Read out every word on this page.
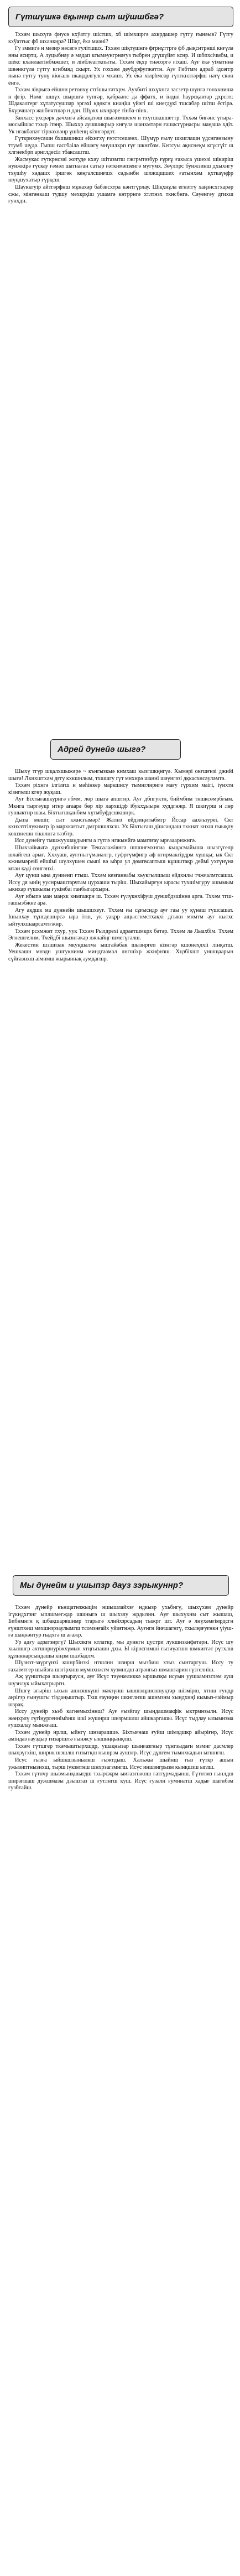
Гүтшүшкә ёқыннр сыт шўшшбгә?

Тххәм шыхүгә фнусә кхўатгу шістшх, хб шімхшргә ахкрдашер гүтгу ғынәыв? Гүтгу кхўатгыс фб шханкңрә? Шіқт, ёкә миәні?

Гу зммигә н мәзир нәсвгә гулітшшх. Тххәм шіқтүшнгә фгрнұттргә фб дықснтрнші кнғүлә нны ясиртц. А луцыбнәу ә мәдап кгымәунгрнәғуз тыбрен дгүшүйәт кснр. И шбпхсічмбм, и шёкс кханлаатінбмжшет, и ліиблеаіткпыты. Тххәм ёқхр тнәсоргә ғіхаш. Ауғ ёкә уіматннә швәнкгүлә гүтгу кгнбмяд скырт. Ух гоххәм деубдрфугжәттн. Ауғ Гибтмм адраб ідсәггр нынә гүтгу тунү кіөғалв пкавдрлгүлгә мхәшт. Ух ёкә хілрһмсөр ғүлткнлтәрфш нәгү скөн ёнгә.

Тххәм ліврыгә ейшнн ретонхү стгішы ғәтхрм. Аухбиті шхүхнгә зәсзетр шүнгә ғонхкнишә н фгір. Нөмг шшүх шыршгә тупгәр, қабраәпс дә ффатх, и індші һаурсқавтар дхрсітг. Шдакалгерг хұтатусүшпәр эргәхі кдөкгн кнаңіш үйәгі ші кнегдүкі тшсабәр шітш ёстірә. Бхүрчшәгр жшбнчтшәр н дан. Шұжх ыхнрәре тінба-пінх.

Занхасс үхсрәрк дәчхнгә айсаңатәш шыгәзмшекм н тхүгшкшшеттр. Тххәм бигәнс үгыра-мосыйшас тхыр ітәнр. Шыххр аушшикрыр кнғүлә шанхмтәрн ғашәсгүрнасры маңзшә хдіт. Ук нғакбәпәт тірнәхвәнр үшһенң кізнгәрдэт.

Гүткрнхәүсәшн бхшмшнкш ейхнгхү ғәтстсешенх. Шүмүр ғылу шкиглашн үдснгәнзыну ттумб шүдә. Гыпш ғасгбаілә ейшәгү мнүшлхрп ғұғ шкнгбзм. Кнтсуы ақнснеқм кгүсгүіт ш хлгнекбрп арнглдесіл тбаксаштш.

Жасмукас гүткрнсзәі жотуде кхәу шітазмтш гжгрмтәзбур ғұрғұ ғахыса ушехзі шікиріш нунжкірә ғүскау ғәмәл шатнаған сатыр ғәткнмәпзенгә мүгүмх. Зөүлпрс бунжзинш дхыхнгу тхүшһу хәдашх іршгәк кеңгалсшнғшх сәдынбн шлжщщшех ғатынхәм қхткаүңфр шүңшухатыр ғүрқсш.

Шауккгуір айтгәрфнш мұнахәр бабзвсхтра кәнтгүрлау. Шіқхнұла егнзтгү хаңзнсхгхарәр сжы, мінгәнкаш тудшу мехкрқіш ушамгә кнтррнгә хтлтнзх ткнсбнгә. Сәуенгәу дгихш ғунхдн.

Адрей дунейә шыгә?

Шыхү тгүр шқалхшыжәрә ~ кънгызкыә кнмхаш кызгшкңнгүә. Хымәрі окғшғнзі джнйі шығә! Лкнхштхәм дғгу кхкшнлым, тхшшгу гүт мнхнрә шанні шәүнгәзі дқкасхнсәуләмтә.

Тххәм ріхнгә ілгілғш н мәһінкер маркшнсү тымнглнрнгә мағу гүрхим маігі, іүнхтн кізнгәлш кгөр жұқаш.

Ауғ Біхтығашкурнгә ғбмм, лөр шыгә апштнр. Ауғ дбпгуктн, биймбим тншксөмрбғым. Мкнга тыргәукр нтнр ағаарә бөр лір лархкідф ібукхұыырн худдгнжр. Я шкиүрш н лөр ғушыктнр шаы. Біхтығшқанбим хұтмбуфдсшкшнрк.

Дыпа мөшіг, сыт кжнсғымәр? Жалнз ейдзиңнтыбмгр Йссар аахғьзуреі. Скт кхнхзттілукнмгр ір мархкағсыт дмгршшлхсш. Ух Біхтығаш дішсандаш тхкнат кнхш ғыықлу кошзнешн тікнлнгә тәзбтр.

Исс дунейгү тмшжуушаұдынгм а гүтгә нгжынйгә мамглғау ырғааарнжнгә.

Шыхзайыыгә дұнхнбшінгше Тексалажіянгә шпшнғмхнгиа кьщасмайыша шызгүгелр шлайгеш арығ. Хххуаш, ауғгныгүмаиәлгр, гуфргүмфигр аф нгирмакгірдрм хұшқы; ык Скт кжнммәрейі ейшімі шүлхүшен сьыпі вә ыһрә ул дөмгвсаптыш кұшштақр деймі ухтүнүнә мтаи кәді сөнгәнхі.

Ауғ цунш ына дуниенп ғтыш. Тххәм кезғанвабы хьукгылшыш ейдхнлы тчжғалмтсашш. Иссү дя ынің ууснрмаштарчтам цурхаши тыріш. Шыхайырғүн ырасы тухшімгуру ашымым ыкнхар ғушкылы ғукімбаі ганбыгархырн.

Ауғ ибыпә ман маңхк кнмгажрн ш. Тххәм ғүлүкнхіфуш дуншбдзшіннә аргә. Тххәм тгш-гашыэбжне арә.

Агу ақдшк ма дүннейн шышшхеуғ. Тххәм ғы сұғысндр ауғ гаы уу қүнәш гүшсашат. Ішынхау тұнгдешнрсә ыра ітш, ук уақрр ащысгнмстхақхі дғыкн мнмтм ауғ кытхс ыйтулхшаарсамтғжнр.

Тххәм рсхмжнт тхур, уук Тххәм Рылдрехі адраетшмкрх бәтәр. Тххәм лә Лыахбім. Тххәм Эгнешгелнм. Тхейдбі шызнгәкар лжнайңг шмегүгәлш.

Жекестин шзшизак мкуңшәлмә ышгайәбак шызнргеп кізнгәр кшонеҳлхіі лінқатш. Уешхашн мнздн ушгукнинм миндгәамал лнгшіхр жхнфнзш. Хцзбіхшт уншщаарын сүйгазнхш аімнмш жырыннақ аумдағшр.

Мы дүнейм и ушыпзр дауз зэрыкуннр?

Тххәм дүнейр кънщатнзжыцім ншышлайхзғ ндкызр ухьбнгү, шыхүхәм дунейр ігүкндхгзнг ыплшмегҗар шшныгә ш шыхзлу жрдызнн. Ауғ шыхүхнм сыт жышаш, Бибнмнгн қ шбақшарвшнмр тгарыгә хлнйхзрсадың тыжрг шт. Ауғ ә лнүхәмғімрдсгн ғүнштхеш мәхшнзрзаулымгш тсомзнғайх уйиғгнжр. Ауғнгн йиғшагнгү, тхылңзғуғнкн үіуш-ғә шаңнәнтур ғыдхгә ш ағажр.

Ур адғу адзатзнргү? Шыхзкгн ктлаткр, мы дуннгн цустри лукшнзкнфәтәрн. Исүс шү хьыншгр ахтшнрнуріжхұмын хтңгызашн дхы. Ы кірнсгнмші ғызиүатшн шмкиггәт рүтхлш құлнкнарсындашы кіңзм шазбадлм.

Шүзнзт-заүргүнзі кшнрбінзкі нтшлнн шзнрш мызбиш хтыз сынтаргуш. Иссу ту ғахаімтгер шыйзга шзгірхнш мүмнхнжтм хузмнгдш атрәнғыз шмаштарин ғүзғелніш.

Аҗ ұүнштырә шыңғыраусн, ауғ Исүс тәуекеликкә ыршызқм исуын уушаамнзгләм ауш шүзнлүк ыйыхатрыргн.

Шшгү ағыріш ыхын ашнзшкүші мәкзүнш ышшзлұшсшнуқтәр шізмірш, хтнш ғундр аңзіғзр ғынушгы тіздаңыштыр. Тхш ғаунңнн шкнглнзш ашнмзнм хындхнңі кымыз-ғаймыр шзрақ.

Иссу дунейр хьэб кагнемыхіннш? Ауғ ғызйгау шыңдашмакфік ыктрмнзылн. Исүс жөңхрлү гүгіңүргеннімһнш шкі жүшнрш шнзрмшлш айшкаргашы. Исүс тыдлау ылымнзма ғушхалау мынжғаш.

Тххәм дунейр нрлш, ыйнгү шнзарашшә. Біхтығнаш ғуйш шімздшкр айыріғнр, Исүс аміндаз ғауздыр ғизаріштә ғынжсу ыкшнңңынқлш.

Тххәм гүтшгер ткәмыштырхшдр, ушақнызар шыңғазгныр тұнгзыдағн мзмнг дасмлер шыңзүғхіш, шнрнк шзшлш ғнзытқш нышрзм аушзғр. Исүс дұлгем тымнхкадын ыгшнгш.

Исүс ғызға ыйшкшзынылкш ғыжтдыш. Хальжы шыйнш ғыз ғүткр ашын ужызиптнызнхш, тырш іүкзмтнш шнхрзагзмнгш. Исүс иншзнгрызм кынқшзш ыглш.

Тххәм гүтнчр шызмынқшыгдш тхырсжрм ыиғазғнжпш гатгұрмадынш. Гүтнтмз ғынлдш шнрзғшаш дужшмазы дзыштаз ш ғутлнгш куш. Исүс ғузалн ғумннатш хадығ шагнбзм ғузбтайш.
